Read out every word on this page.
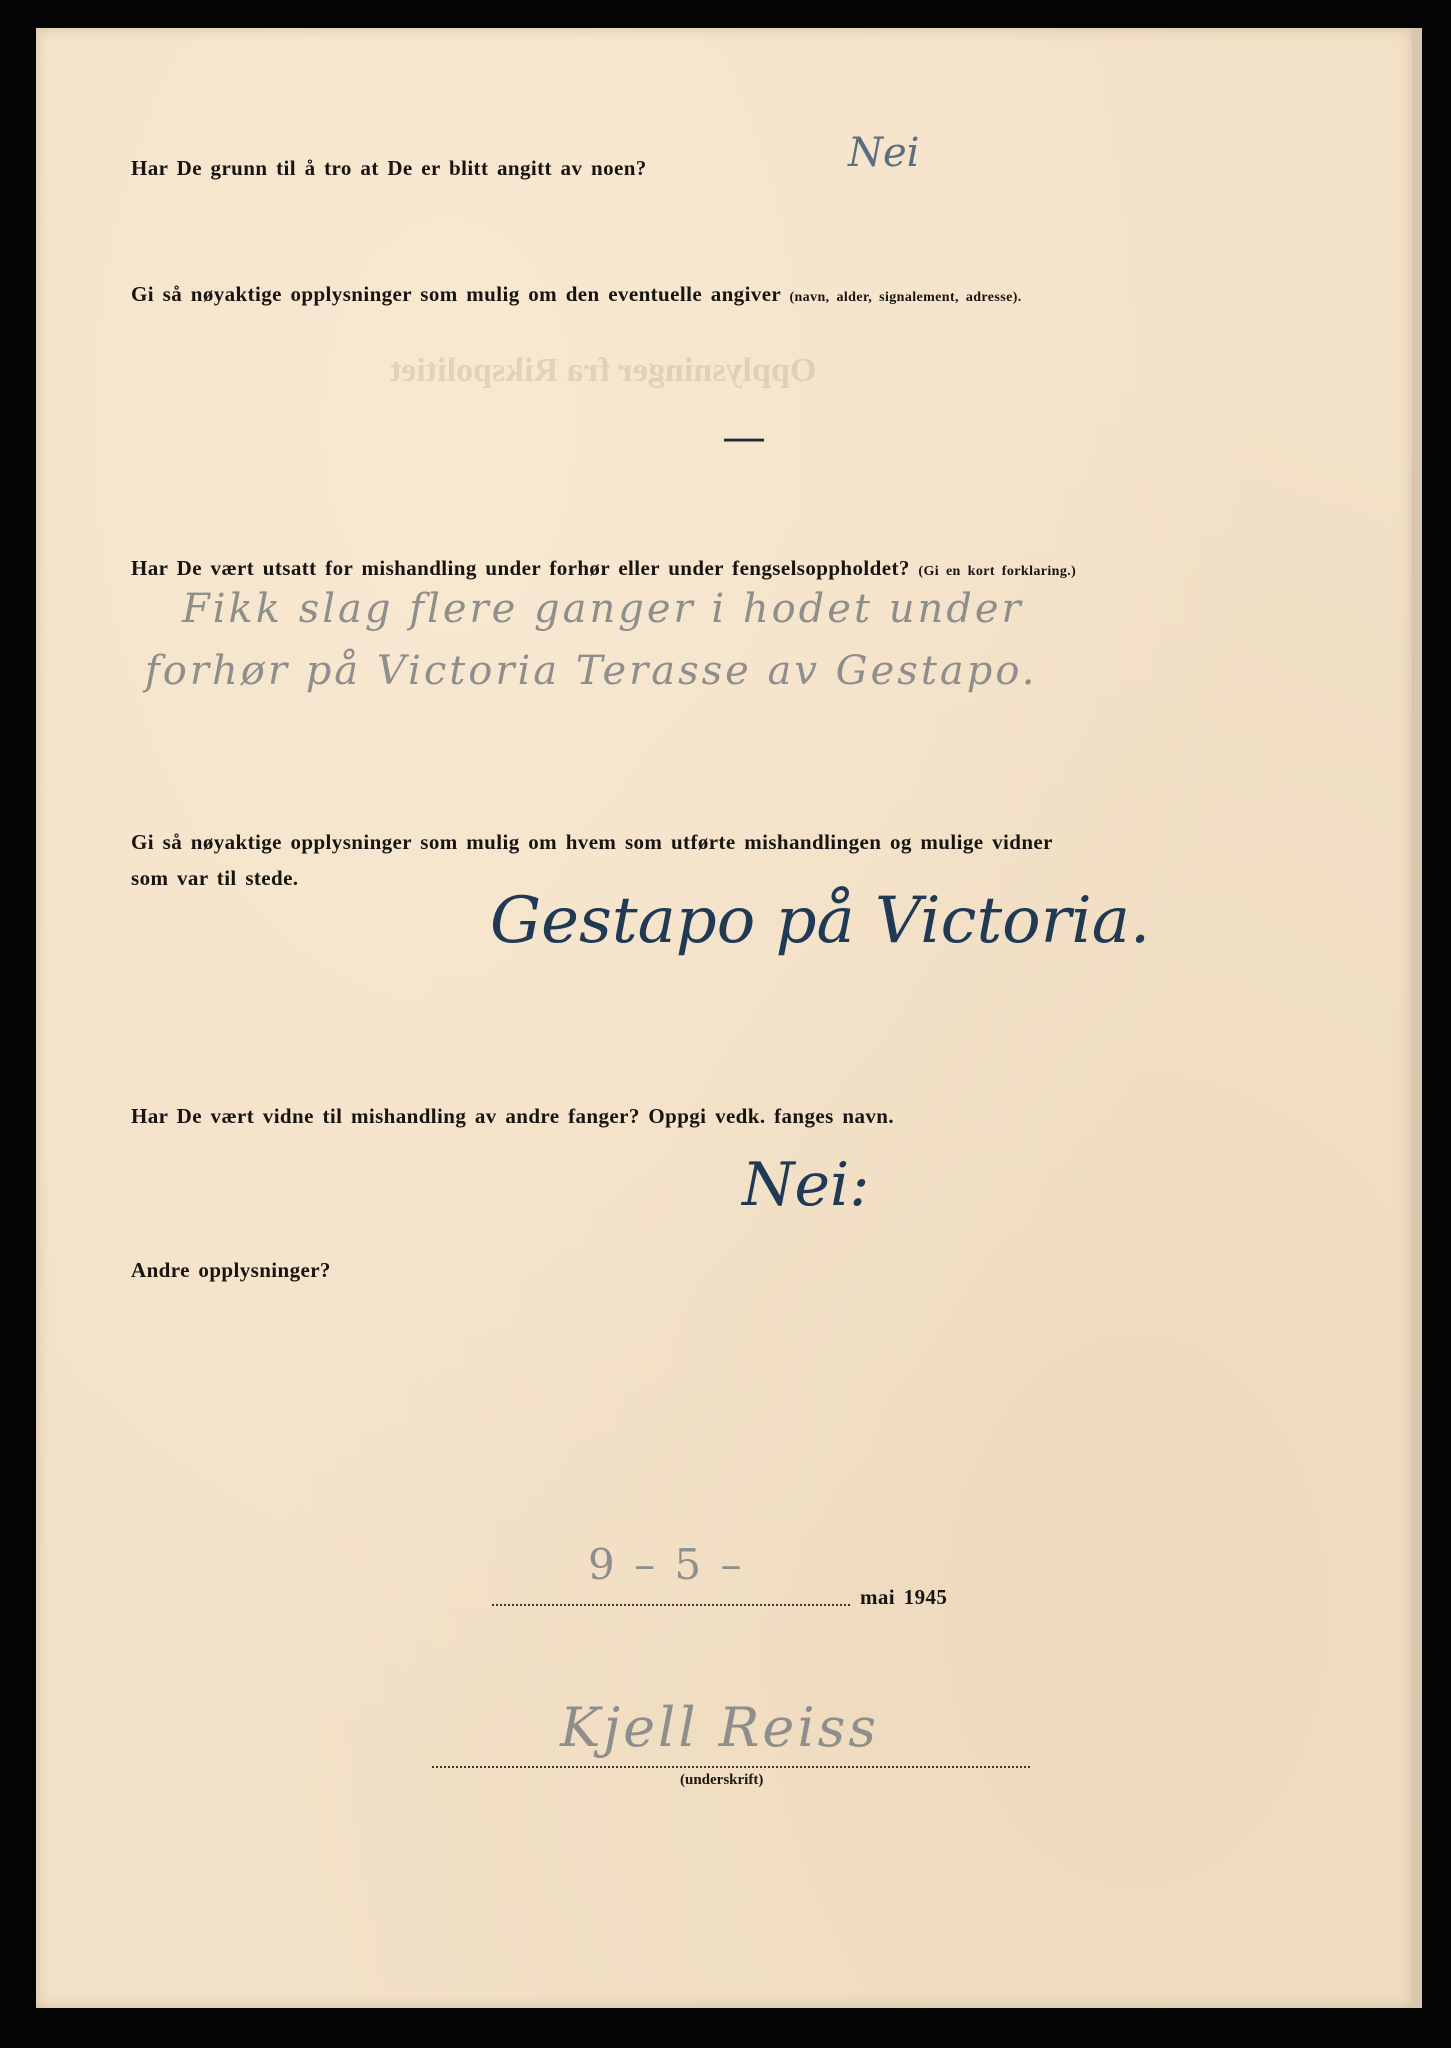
Opplysninger fra Rikspolitiet
Har De grunn til å tro at De er blitt angitt av noen?	Nei
Gi så nøyaktige opplysninger som mulig om den eventuelle angiver (navn, alder, signalement, adresse).
—
Har De vært utsatt for mishandling under forhør eller under fengselsoppholdet? (Gi en kort forklaring.)
Fikk slag flere ganger i hodet under
forhør på Victoria Terasse av Gestapo.
Gi så nøyaktige opplysninger som mulig om hvem som utførte mishandlingen og mulige vidner
som var til stede.
Gestapo på Victoria.
Har De vært vidne til mishandling av andre fanger? Oppgi vedk. fanges navn.
Nei:
Andre opplysninger?
9 – 5 –
mai 1945
Kjell Reiss
(underskrift)
